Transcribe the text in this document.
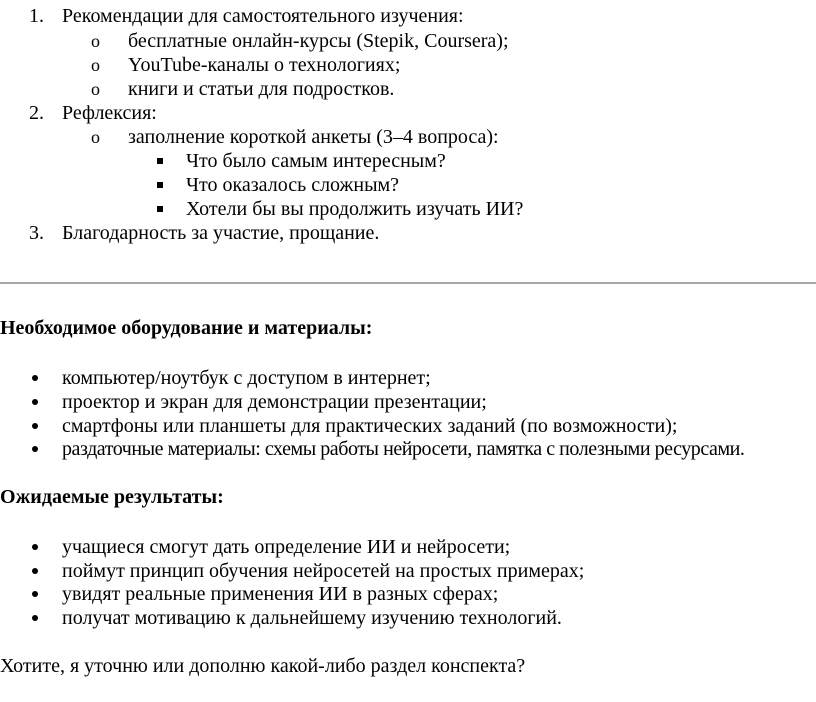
1. Рекомендации для самостоятельного изучения:
o бесплатные онлайн-курсы (Stepik, Coursera);
o YouTube-каналы о технологиях;
o книги и статьи для подростков.
2. Рефлексия:
o заполнение короткой анкеты (3–4 вопроса):
Что было самым интересным?
Что оказалось сложным?
Хотели бы вы продолжить изучать ИИ?
3. Благодарность за участие, прощание.
Необходимое оборудование и материалы:
компьютер/ноутбук с доступом в интернет;
проектор и экран для демонстрации презентации;
смартфоны или планшеты для практических заданий (по возможности);
раздаточные материалы: схемы работы нейросети, памятка с полезными ресурсами.
Ожидаемые результаты:
учащиеся смогут дать определение ИИ и нейросети;
поймут принцип обучения нейросетей на простых примерах;
увидят реальные применения ИИ в разных сферах;
получат мотивацию к дальнейшему изучению технологий.
Хотите, я уточню или дополню какой-либо раздел конспекта?
